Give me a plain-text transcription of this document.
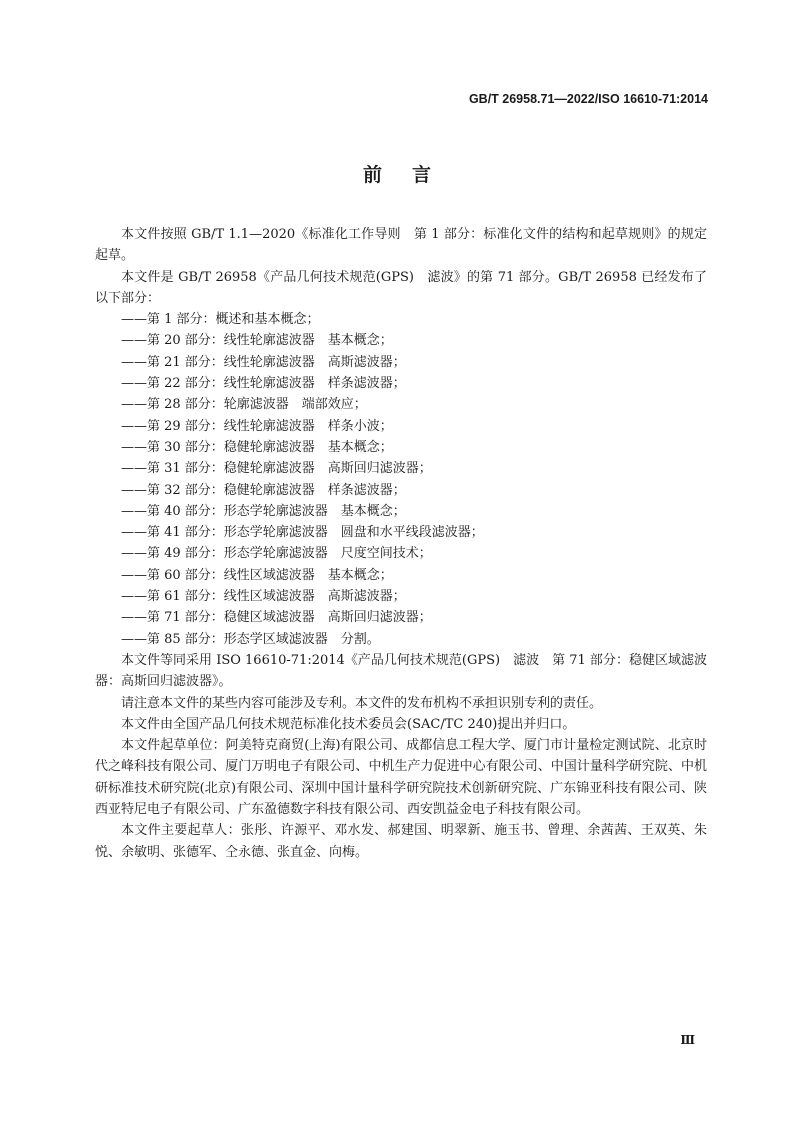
GB/T 26958.71—2022/ISO 16610-71:2014
前言

本文件按照 GB/T 1.1—2020《标准化工作导则　第 1 部分：标准化文件的结构和起草规则》的规定起草。

本文件是 GB/T 26958《产品几何技术规范(GPS)　滤波》的第 71 部分。GB/T 26958 已经发布了以下部分：

——第 1 部分：概述和基本概念；

——第 20 部分：线性轮廓滤波器　基本概念；

——第 21 部分：线性轮廓滤波器　高斯滤波器；

——第 22 部分：线性轮廓滤波器　样条滤波器；

——第 28 部分：轮廓滤波器　端部效应；

——第 29 部分：线性轮廓滤波器　样条小波；

——第 30 部分：稳健轮廓滤波器　基本概念；

——第 31 部分：稳健轮廓滤波器　高斯回归滤波器；

——第 32 部分：稳健轮廓滤波器　样条滤波器；

——第 40 部分：形态学轮廓滤波器　基本概念；

——第 41 部分：形态学轮廓滤波器　圆盘和水平线段滤波器；

——第 49 部分：形态学轮廓滤波器　尺度空间技术；

——第 60 部分：线性区域滤波器　基本概念；

——第 61 部分：线性区域滤波器　高斯滤波器；

——第 71 部分：稳健区域滤波器　高斯回归滤波器；

——第 85 部分：形态学区域滤波器　分割。

本文件等同采用 ISO 16610-71:2014《产品几何技术规范(GPS)　滤波　第 71 部分：稳健区域滤波器：高斯回归滤波器》。

请注意本文件的某些内容可能涉及专利。本文件的发布机构不承担识别专利的责任。

本文件由全国产品几何技术规范标准化技术委员会(SAC/TC 240)提出并归口。

本文件起草单位：阿美特克商贸(上海)有限公司、成都信息工程大学、厦门市计量检定测试院、北京时代之峰科技有限公司、厦门万明电子有限公司、中机生产力促进中心有限公司、中国计量科学研究院、中机研标准技术研究院(北京)有限公司、深圳中国计量科学研究院技术创新研究院、广东锦亚科技有限公司、陕西亚特尼电子有限公司、广东盈德数字科技有限公司、西安凯益金电子科技有限公司。

本文件主要起草人：张彤、许源平、邓水发、郝建国、明翠新、施玉书、曾理、余茜茜、王双英、朱悦、余敏明、张德军、仝永德、张直金、向梅。

Ⅲ
